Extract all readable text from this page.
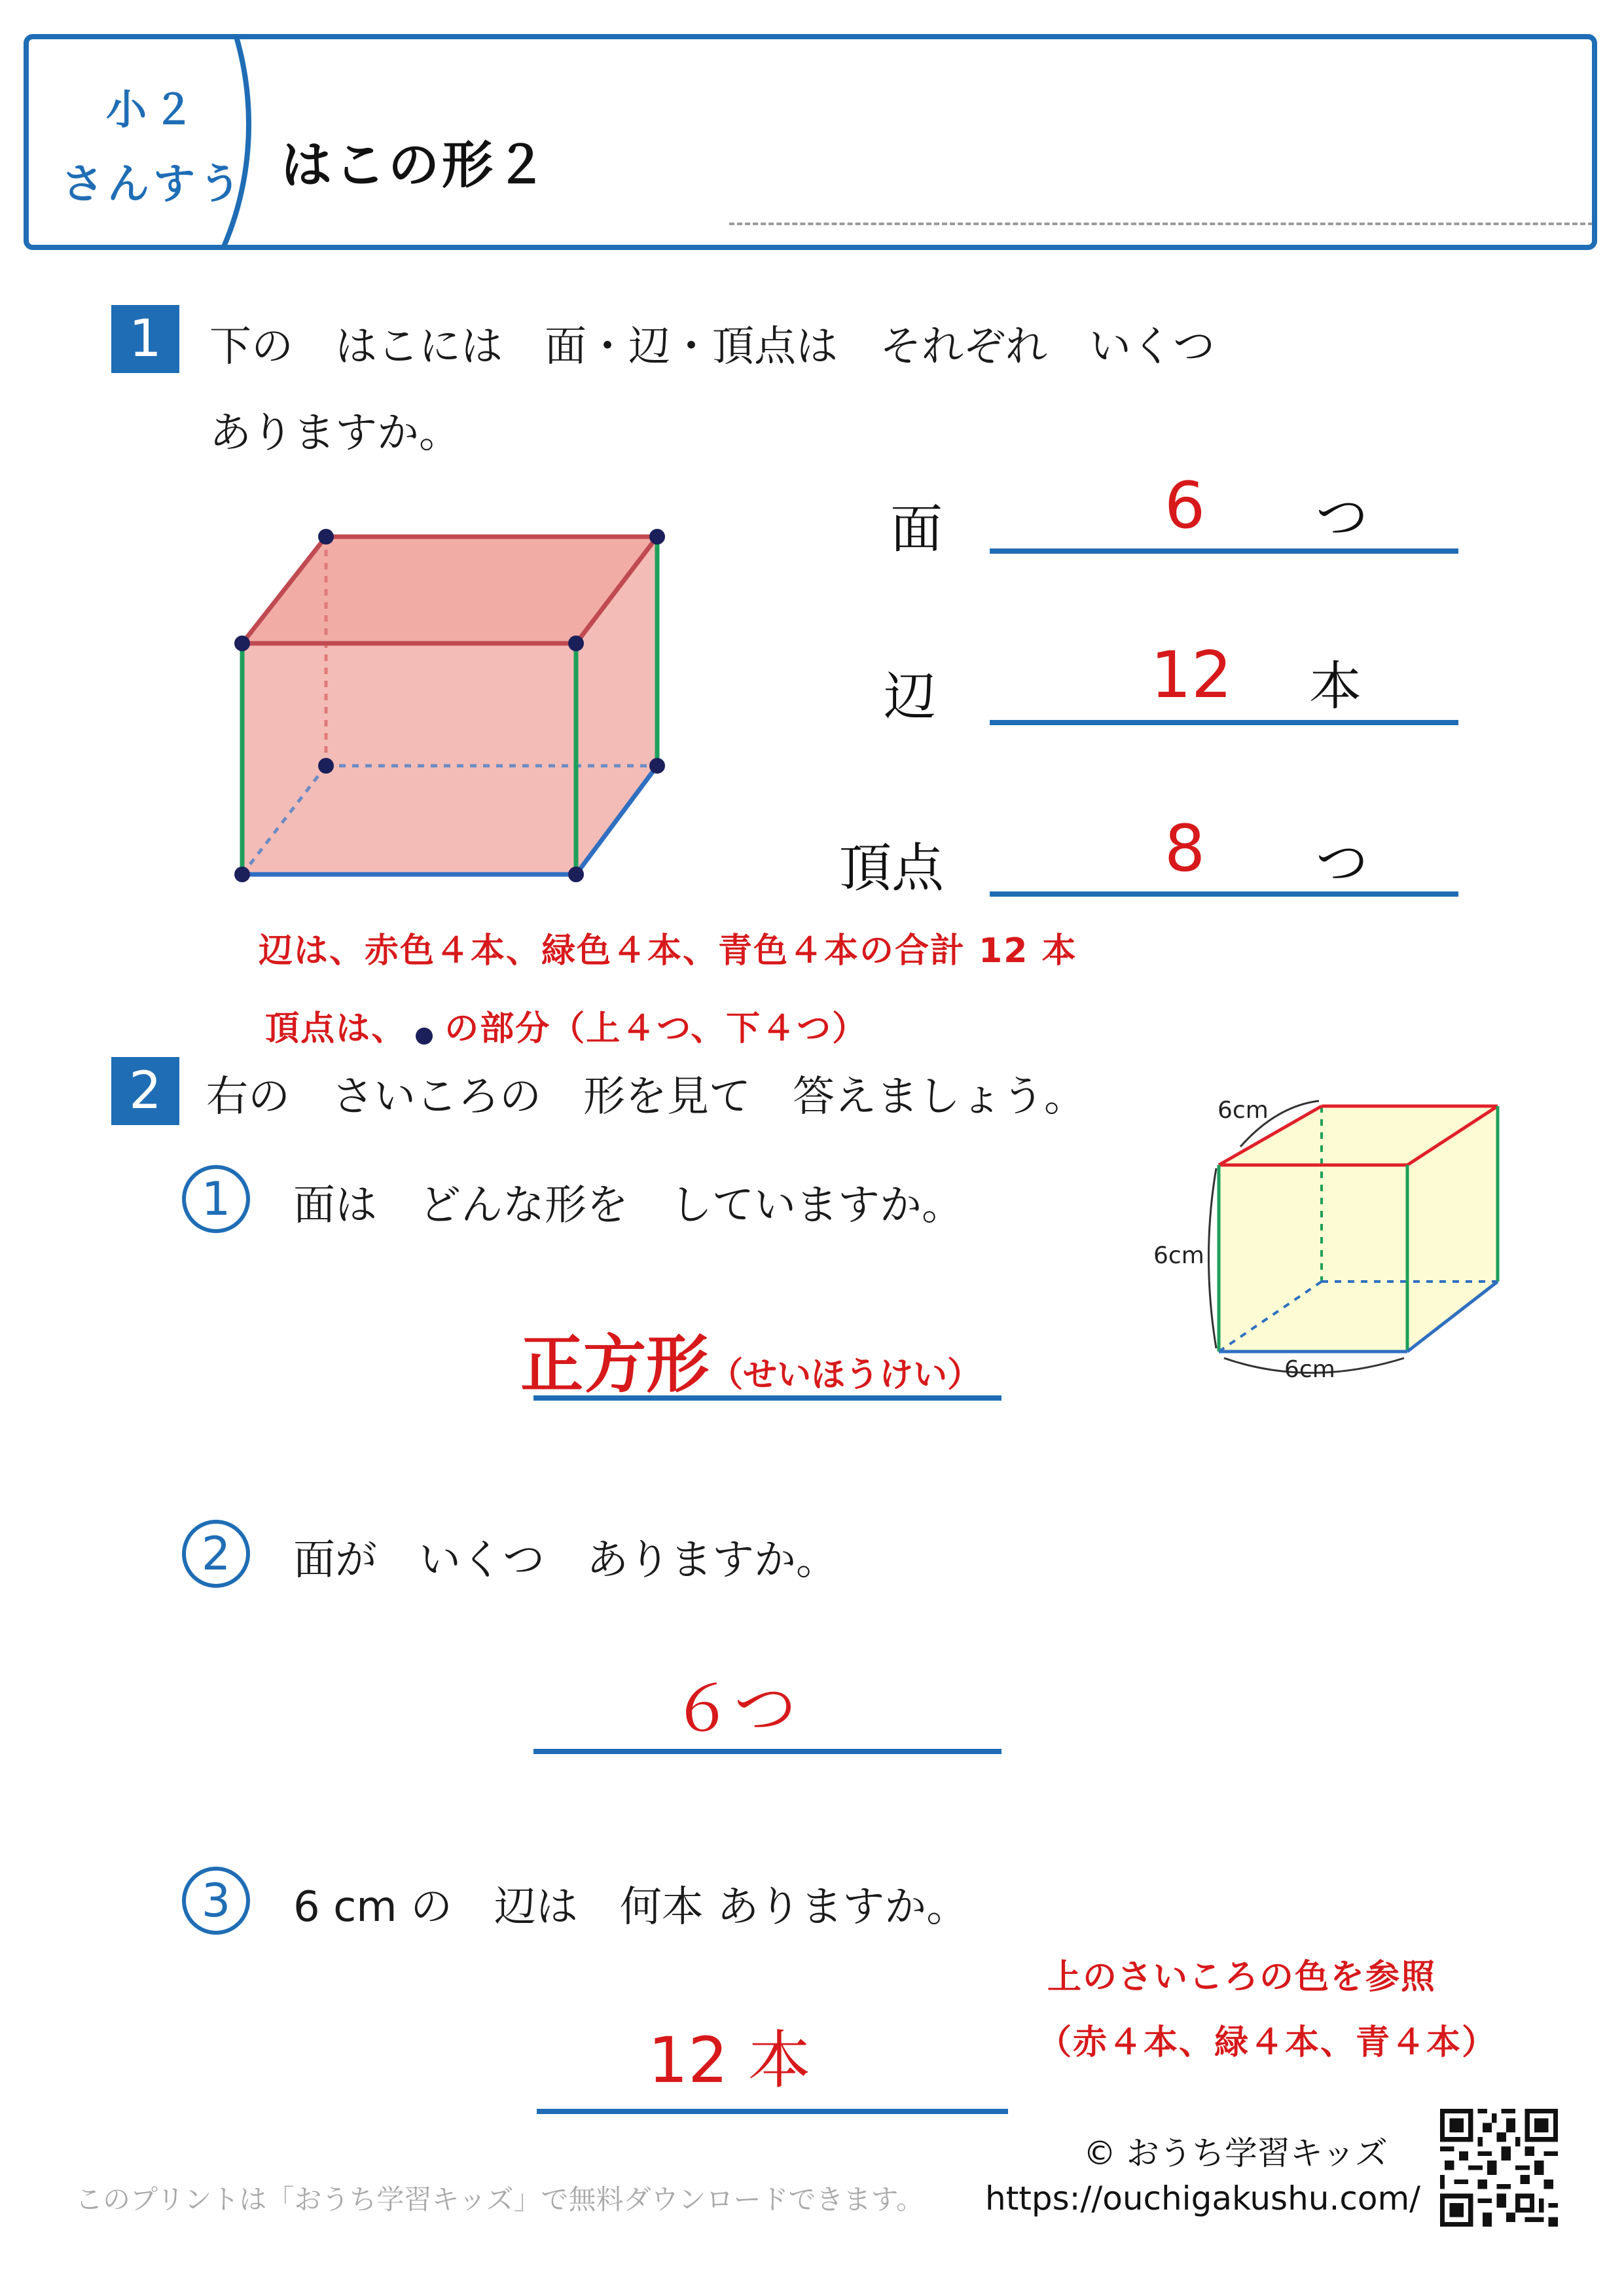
小２
さんすう はこの形２
1	下の　はこには　面・辺・頂点は　それぞれ　いくつ
ありますか。
面	6	つ
辺	12	本
頂点	8	つ
辺は、赤色４本、緑色４本、青色４本の合計 12 本

頂点は、 の部分（上４つ、下４つ）

2	右の　さいころの　形を見て　答えましょう。	6cm
6cm
6cm
1	面は　どんな形を　していますか。

正方形（せいほうけい）

2	面が　いくつ　ありますか。
６つ
3	6 cm の　辺は　何本 ありますか。
上のさいころの色を参照
（赤４本、緑４本、青４本）
12 本
このプリントは「おうち学習キッズ」で無料ダウンロードできます。
© おうち学習キッズ
https://ouchigakushu.com/
